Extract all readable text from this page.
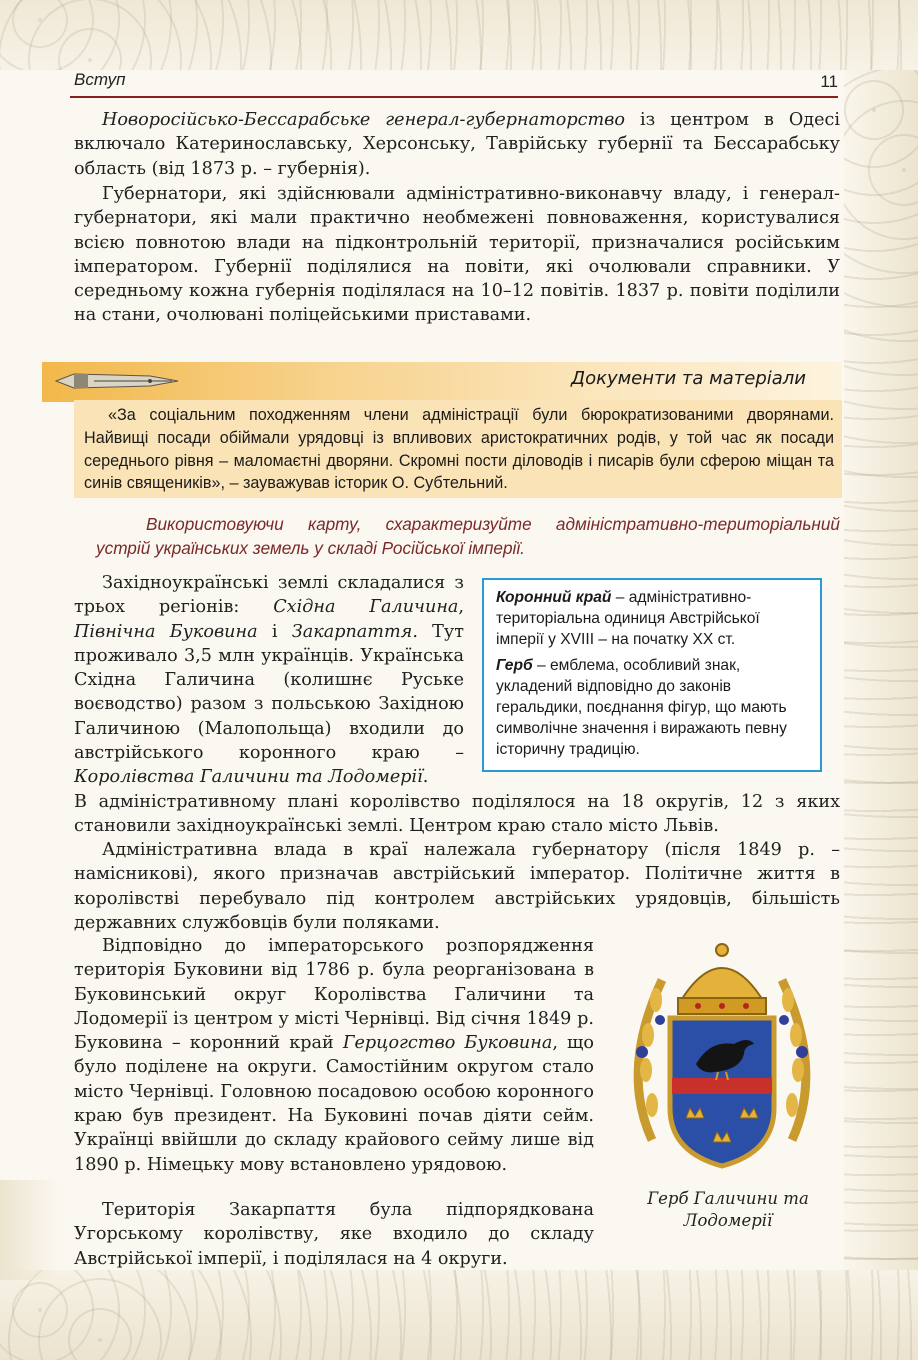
Вступ	11
Новоросійсько-Бессарабське генерал-губернаторство із центром в Одесі включало Катеринославську, Херсонську, Таврійську губернії та Бессарабську область (від 1873 р. – губернія).
Губернатори, які здійснювали адміністративно-виконавчу владу, і генерал-губернатори, які мали практично необмежені повноваження, користувалися всією повнотою влади на підконтрольній території, призначалися російським імператором. Губернії поділялися на повіти, які очолювали справники. У середньому кожна губернія поділялася на 10–12 повітів. 1837 р. повіти поділили на стани, очолювані поліцейськими приставами.
Документи та матеріали
«За соціальним походженням члени адміністрації були бюрократизованими дворянами. Найвищі посади обіймали урядовці із впливових аристократичних родів, у той час як посади середнього рівня – маломаєтні дворяни. Скромні пости діловодів і писарів були сферою міщан та синів священиків», – зауважував історик О. Субтельний.
Використовуючи карту, схарактеризуйте адміністративно-територіальний устрій українських земель у складі Російської імперії.

Коронний край – адміністративно-територіальна одиниця Австрійської імперії у XVIII – на початку XX ст.

Герб – емблема, особливий знак, укладений відповідно до законів геральдики, поєднання фігур, що мають символічне значення і виражають певну історичну традицію.

Західноукраїнські землі складалися з трьох регіонів: Східна Галичина, Північна Буковина і Закарпаття. Тут проживало 3,5 млн українців. Українська Східна Галичина (колишнє Руське воєводство) разом з польською Західною Галичиною (Малопольща) входили до австрійського коронного краю – Королівства Галичини та Лодомерії.
В адміністративному плані королівство поділялося на 18 округів, 12 з яких становили західноукраїнські землі. Центром краю стало місто Львів.
Адміністративна влада в краї належала губернатору (після 1849 р. – намісникові), якого призначав австрійський імператор. Політичне життя в королівстві перебувало під контролем австрійських урядовців, більшість державних службовців були поляками.
Відповідно до імператорського розпорядження територія Буковини від 1786 р. була реорганізована в Буковинський округ Королівства Галичини та Лодомерії із центром у місті Чернівці. Від січня 1849 р. Буковина – коронний край Герцогство Буковина, що було поділене на округи. Самостійним округом стало місто Чернівці. Головною посадовою особою коронного краю був президент. На Буковині почав діяти сейм. Українці ввійшли до складу крайового сейму лише від 1890 р. Німецьку мову встановлено урядовою.
Територія Закарпаття була підпорядкована Угорському королівству, яке входило до складу Австрійської імперії, і поділялася на 4 округи.
Герб Галичини та Лодомерії
